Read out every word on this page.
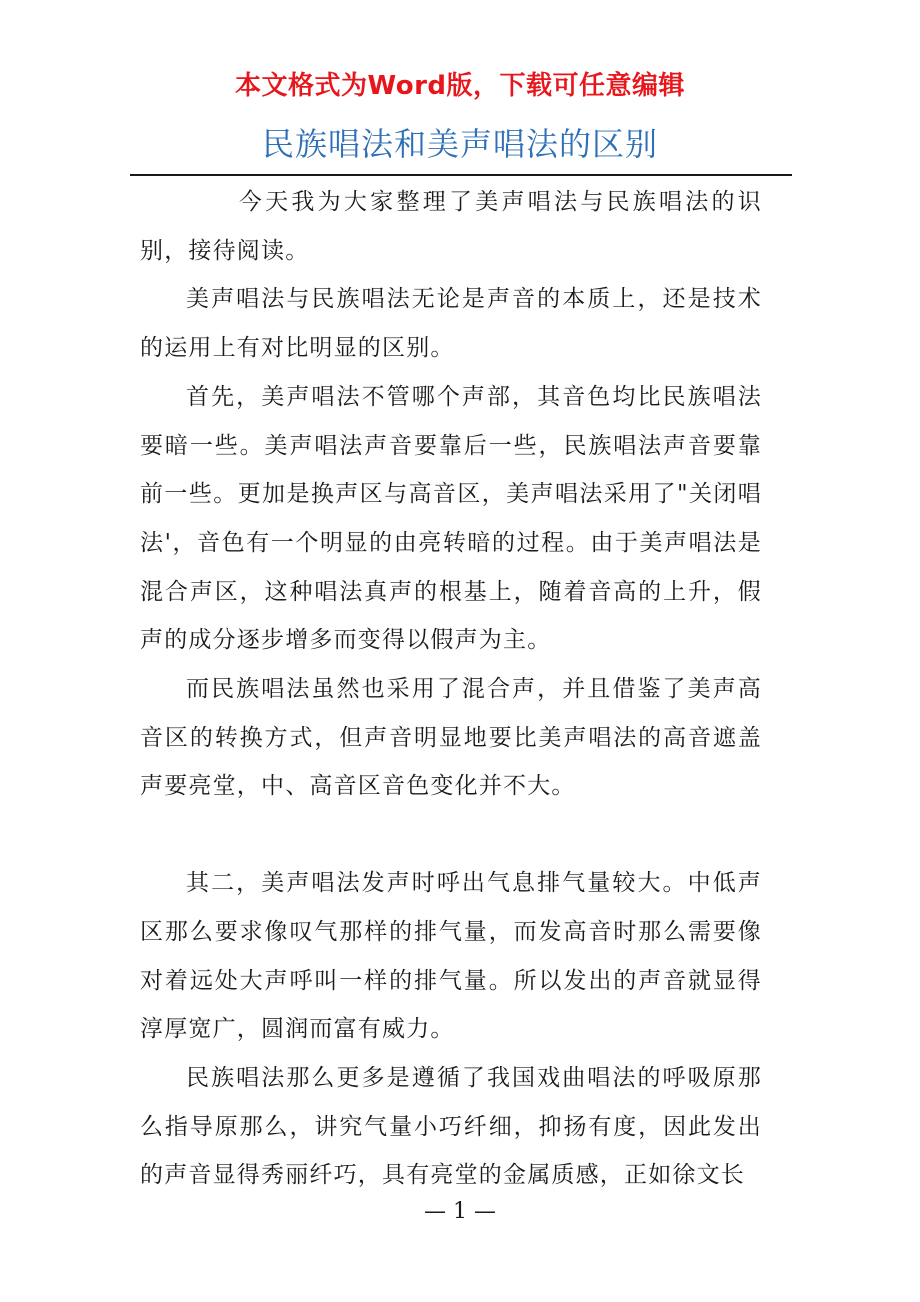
本文格式为Word版，下载可任意编辑
民族唱法和美声唱法的区别

今天我为大家整理了美声唱法与民族唱法的识别，接待阅读。

美声唱法与民族唱法无论是声音的本质上，还是技术的运用上有对比明显的区别。

首先，美声唱法不管哪个声部，其音色均比民族唱法要暗一些。美声唱法声音要靠后一些，民族唱法声音要靠前一些。更加是换声区与高音区，美声唱法采用了"关闭唱法'，音色有一个明显的由亮转暗的过程。由于美声唱法是混合声区，这种唱法真声的根基上，随着音高的上升，假声的成分逐步增多而变得以假声为主。

而民族唱法虽然也采用了混合声，并且借鉴了美声高音区的转换方式，但声音明显地要比美声唱法的高音遮盖声要亮堂，中、高音区音色变化并不大。

其二，美声唱法发声时呼出气息排气量较大。中低声区那么要求像叹气那样的排气量，而发高音时那么需要像对着远处大声呼叫一样的排气量。所以发出的声音就显得淳厚宽广，圆润而富有威力。

民族唱法那么更多是遵循了我国戏曲唱法的呼吸原那么指导原那么，讲究气量小巧纤细，抑扬有度，因此发出的声音显得秀丽纤巧，具有亮堂的金属质感，正如徐文长

— 1 —
